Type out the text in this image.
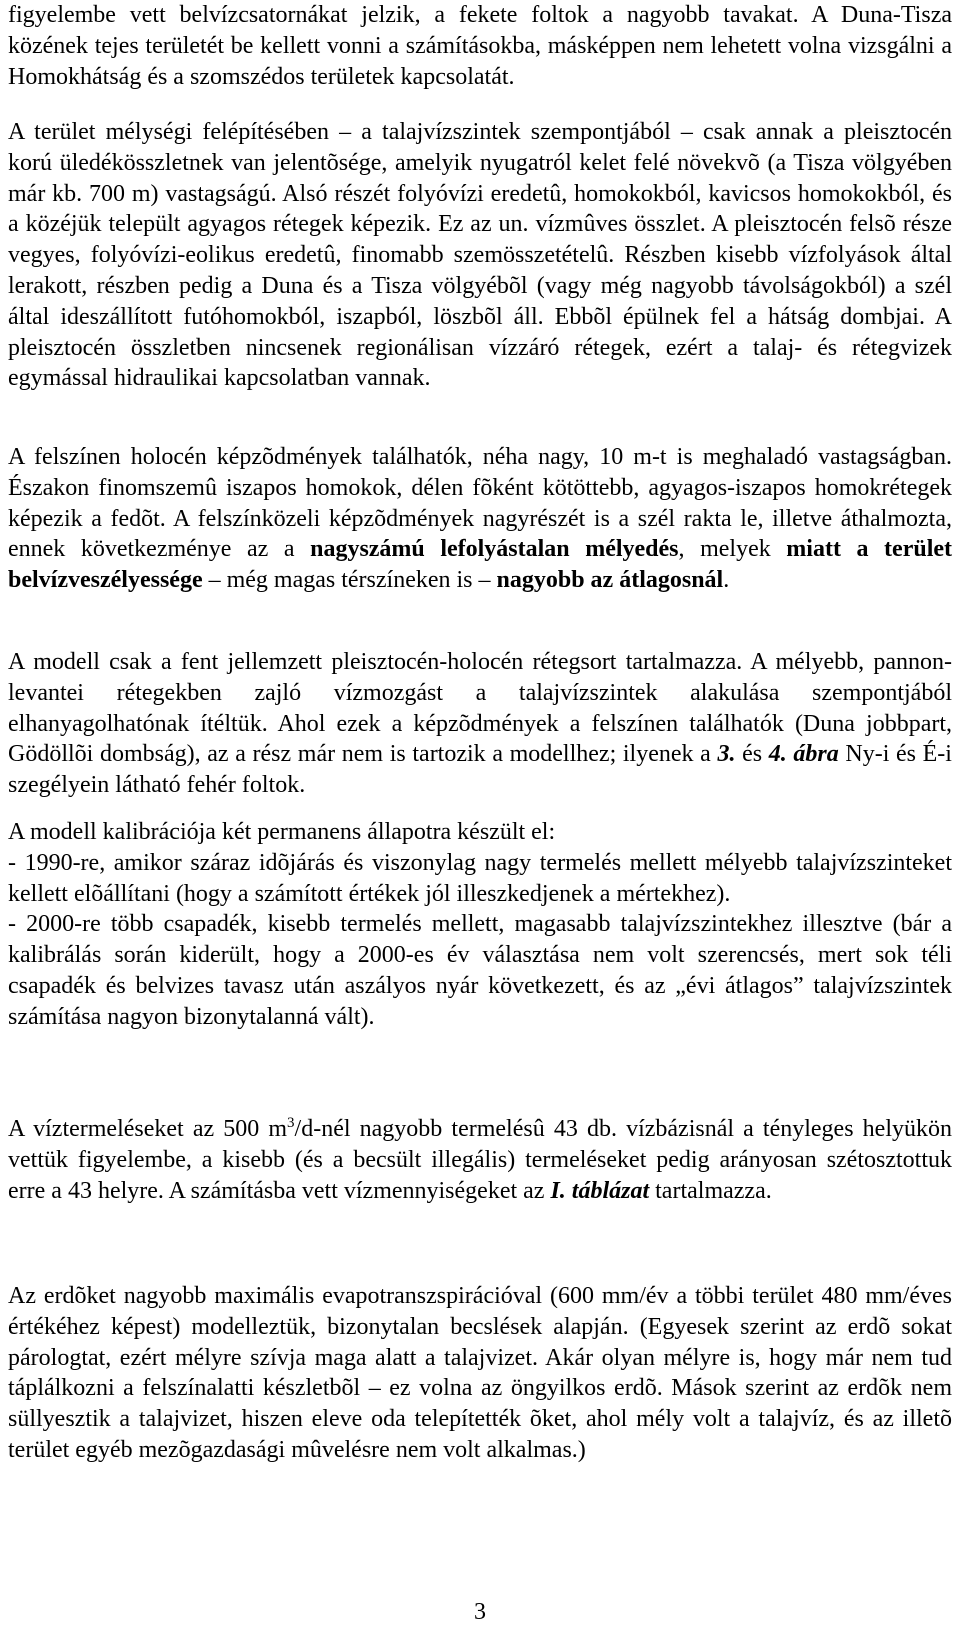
figyelembe vett belvízcsatornákat jelzik, a fekete foltok a nagyobb tavakat. A Duna-Tisza közének tejes területét be kellett vonni a számításokba, másképpen nem lehetett volna vizsgálni a Homokhátság és a szomszédos területek kapcsolatát.

A terület mélységi felépítésében – a talajvízszintek szempontjából – csak annak a pleisztocén korú üledékösszletnek van jelentõsége, amelyik nyugatról kelet felé növekvõ (a Tisza völgyében már kb. 700 m) vastagságú. Alsó részét folyóvízi eredetû, homokokból, kavicsos homokokból, és a közéjük települt agyagos rétegek képezik. Ez az un. vízmûves összlet. A pleisztocén felsõ része vegyes, folyóvízi-eolikus eredetû, finomabb szemösszetételû. Részben kisebb vízfolyások által lerakott, részben pedig a Duna és a Tisza völgyébõl (vagy még nagyobb távolságokból) a szél által ideszállított futóhomokból, iszapból, löszbõl áll. Ebbõl épülnek fel a hátság dombjai. A pleisztocén összletben nincsenek regionálisan vízzáró rétegek, ezért a talaj- és rétegvizek egymással hidraulikai kapcsolatban vannak.

A felszínen holocén képzõdmények találhatók, néha nagy, 10 m-t is meghaladó vastagságban. Északon finomszemû iszapos homokok, délen fõként kötöttebb, agyagos-iszapos homokrétegek képezik a fedõt. A felszínközeli képzõdmények nagyrészét is a szél rakta le, illetve áthalmozta, ennek következménye az a nagyszámú lefolyástalan mélyedés, melyek miatt a terület belvízveszélyessége – még magas térszíneken is – nagyobb az átlagosnál.

A modell csak a fent jellemzett pleisztocén-holocén rétegsort tartalmazza. A mélyebb, pannon-levantei rétegekben zajló vízmozgást a talajvízszintek alakulása szempontjából elhanyagolhatónak ítéltük. Ahol ezek a képzõdmények a felszínen találhatók (Duna jobbpart, Gödöllõi dombság), az a rész már nem is tartozik a modellhez; ilyenek a 3. és 4. ábra Ny-i és É-i szegélyein látható fehér foltok.

A modell kalibrációja két permanens állapotra készült el:
- 1990-re, amikor száraz idõjárás és viszonylag nagy termelés mellett mélyebb talajvízszinteket kellett elõállítani (hogy a számított értékek jól illeszkedjenek a mértekhez).
- 2000-re több csapadék, kisebb termelés mellett, magasabb talajvízszintekhez illesztve (bár a kalibrálás során kiderült, hogy a 2000-es év választása nem volt szerencsés, mert sok téli csapadék és belvizes tavasz után aszályos nyár következett, és az „évi átlagos” talajvízszintek számítása nagyon bizonytalanná vált).

A víztermeléseket az 500 $m^3/d$-nél nagyobb termelésû 43 db. vízbázisnál a tényleges helyükön vettük figyelembe, a kisebb (és a becsült illegális) termeléseket pedig arányosan szétosztottuk erre a 43 helyre. A számításba vett vízmennyiségeket az I. táblázat tartalmazza.

Az erdõket nagyobb maximális evapotranszspirációval (600 mm/év a többi terület 480 mm/éves értékéhez képest) modelleztük, bizonytalan becslések alapján. (Egyesek szerint az erdõ sokat párologtat, ezért mélyre szívja maga alatt a talajvizet. Akár olyan mélyre is, hogy már nem tud táplálkozni a felszínalatti készletbõl – ez volna az öngyilkos erdõ. Mások szerint az erdõk nem süllyesztik a talajvizet, hiszen eleve oda telepítették õket, ahol mély volt a talajvíz, és az illetõ terület egyéb mezõgazdasági mûvelésre nem volt alkalmas.)

3
